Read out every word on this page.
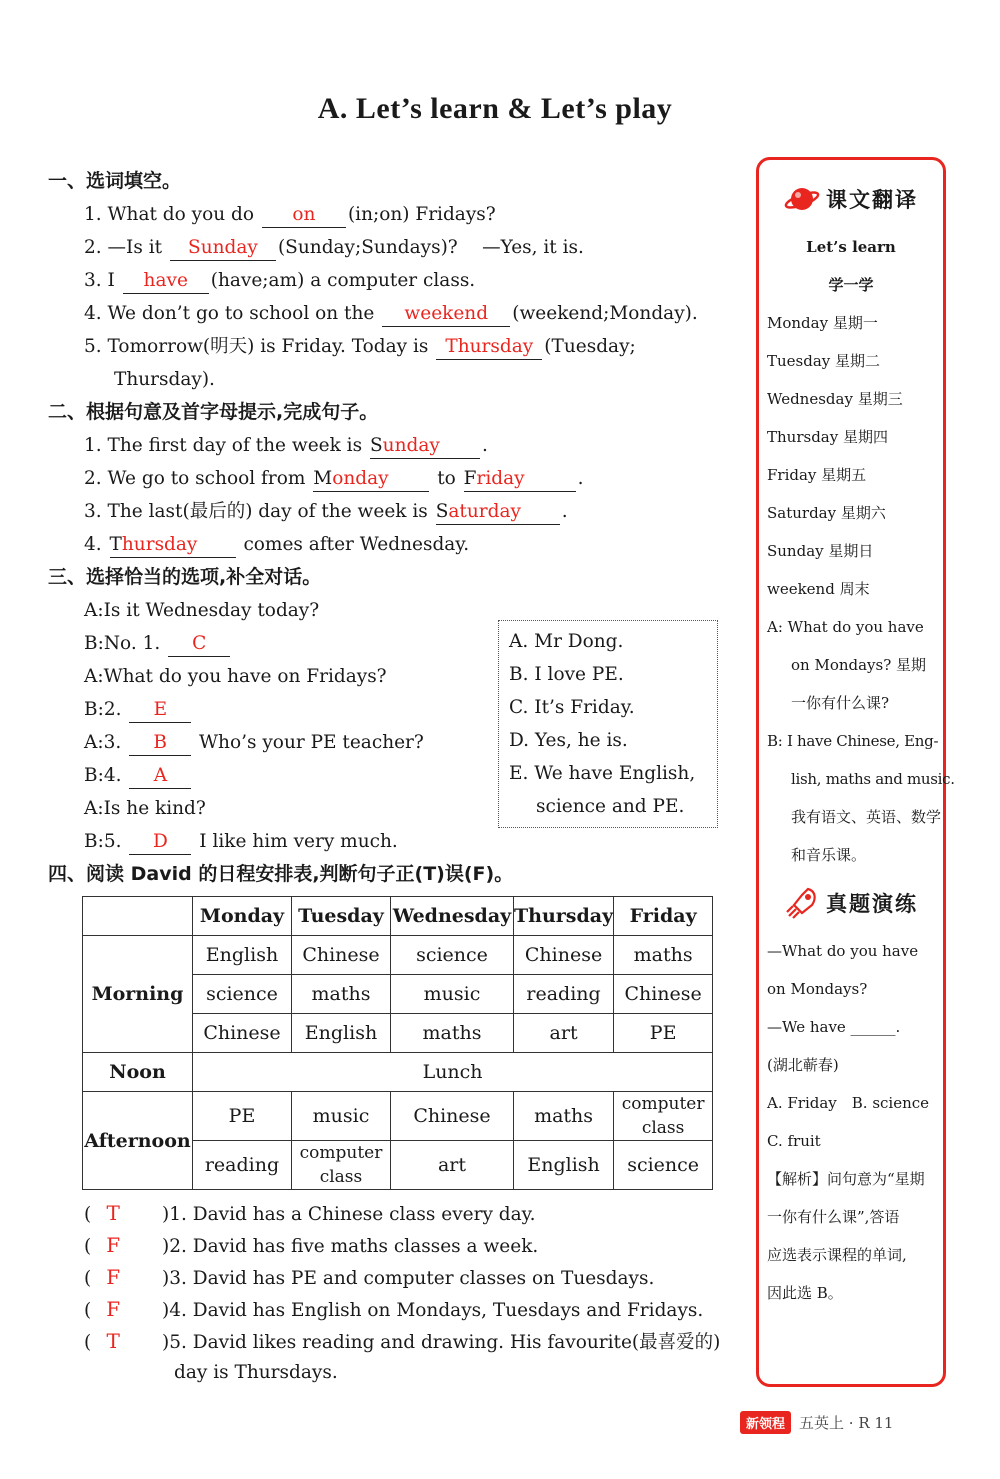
A. Let’s learn & Let’s play
一、选词填空。
1. What do you do on (in;on) Fridays?
2. —Is it Sunday (Sunday;Sundays)?　 —Yes, it is.
3. I have (have;am) a computer class.
4. We don’t go to school on the weekend (weekend;Monday).
5. Tomorrow(明天) is Friday. Today is Thursday (Tuesday;
Thursday).
二、根据句意及首字母提示,完成句子。
1. The first day of the week is Sunday .
2. We go to school from Monday	to Friday	.
3. The last(最后的) day of the week is Saturday .
4. Thursday comes after Wednesday.
三、选择恰当的选项,补全对话。
A:Is it Wednesday today?
B:No. 1. C
A:What do you have on Fridays?
B:2. E
A:3. B Who’s your PE teacher?
B:4. A
A:Is he kind?
B:5. D I like him very much.
四、阅读 David 的日程安排表,判断句子正(T)误(F)。
A. Mr Dong.
B. I love PE.
C. It’s Friday.
D. Yes, he is.
E. We have English,
science and PE.
	Monday	Tuesday	Wednesday	Thursday	Friday
Morning	English	Chinese	science	Chinese	maths
	science	maths	music	reading	Chinese
	Chinese	English	maths	art	PE
Noon	Lunch				
Afternoon	PE	music	Chinese	maths	computer class
	reading	computer class	art	English	science
( T )1. David has a Chinese class every day.
( F )2. David has five maths classes a week.
( F )3. David has PE and computer classes on Tuesdays.
( F )4. David has English on Mondays, Tuesdays and Fridays.
( T )5. David likes reading and drawing. His favourite(最喜爱的)
day is Thursdays.
课文翻译
Let’s learn
学一学
Monday 星期一
Tuesday 星期二
Wednesday 星期三
Thursday 星期四
Friday 星期五
Saturday 星期六
Sunday 星期日
weekend 周末
A: What do you have
on Mondays? 星期
一你有什么课?
B: I have Chinese, Eng-
lish, maths and music.
我有语文、英语、数学
和音乐课。
真题演练
—What do you have
on Mondays?
—We have ______.
(湖北蕲春)
A. Friday　B. science
C. fruit
【解析】问句意为“星期
一你有什么课”,答语
应选表示课程的单词,
因此选 B。
新领程 五英上 · R 11
